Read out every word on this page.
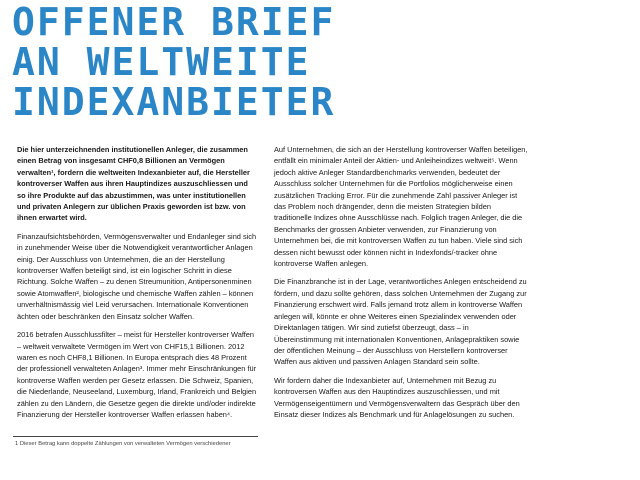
OFFENER BRIEF
AN WELTWEITE
INDEXANBIETER

Die hier unterzeichnenden institutionellen Anleger, die zusammen einen Betrag von insgesamt CHF0,8 Billionen an Vermögen verwalten¹, fordern die weltweiten Indexanbieter auf, die Hersteller kontroverser Waffen aus ihren Hauptindizes auszuschliessen und so ihre Produkte auf das abzustimmen, was unter institutionellen und privaten Anlegern zur üblichen Praxis geworden ist bzw. von ihnen erwartet wird.

Finanzaufsichtsbehörden, Vermögensverwalter und Endanleger sind sich in zunehmender Weise über die Notwendigkeit verantwortlicher Anlagen einig. Der Ausschluss von Unternehmen, die an der Herstellung kontroverser Waffen beteiligt sind, ist ein logischer Schritt in diese Richtung. Solche Waffen – zu denen Streumunition, Antipersonenminen sowie Atomwaffen², biologische und chemische Waffen zählen – können unverhältnismässig viel Leid verursachen. Internationale Konventionen ächten oder beschränken den Einsatz solcher Waffen.

2016 betrafen Ausschlussfilter – meist für Hersteller kontroverser Waffen – weltweit verwaltete Vermögen im Wert von CHF15,1 Billionen. 2012 waren es noch CHF8,1 Billionen. In Europa entsprach dies 48 Prozent der professionell verwalteten Anlagen³. Immer mehr Einschränkungen für kontroverse Waffen werden per Gesetz erlassen. Die Schweiz, Spanien, die Niederlande, Neuseeland, Luxemburg, Irland, Frankreich und Belgien zählen zu den Ländern, die Gesetze gegen die direkte und/oder indirekte Finanzierung der Hersteller kontroverser Waffen erlassen haben⁴.

Auf Unternehmen, die sich an der Herstellung kontroverser Waffen beteiligen, entfällt ein minimaler Anteil der Aktien- und Anleiheindizes weltweit⁵. Wenn jedoch aktive Anleger Standardbenchmarks verwenden, bedeutet der Ausschluss solcher Unternehmen für die Portfolios möglicherweise einen zusätzlichen Tracking Error. Für die zunehmende Zahl passiver Anleger ist das Problem noch drängender, denn die meisten Strategien bilden traditionelle Indizes ohne Ausschlüsse nach. Folglich tragen Anleger, die die Benchmarks der grossen Anbieter verwenden, zur Finanzierung von Unternehmen bei, die mit kontroversen Waffen zu tun haben. Viele sind sich dessen nicht bewusst oder können nicht in Indexfonds/-tracker ohne kontroverse Waffen anlegen.

Die Finanzbranche ist in der Lage, verantwortliches Anlegen entscheidend zu fördern, und dazu sollte gehören, dass solchen Unternehmen der Zugang zur Finanzierung erschwert wird. Falls jemand trotz allem in kontroverse Waffen anlegen will, könnte er ohne Weiteres einen Spezialindex verwenden oder Direktanlagen tätigen. Wir sind zutiefst überzeugt, dass – in Übereinstimmung mit internationalen Konventionen, Anlagepraktiken sowie der öffentlichen Meinung – der Ausschluss von Herstellern kontroverser Waffen aus aktiven und passiven Anlagen Standard sein sollte.

Wir fordern daher die Indexanbieter auf, Unternehmen mit Bezug zu kontroversen Waffen aus den Hauptindizes auszuschliessen, und mit Vermögenseigentümern und Vermögensverwaltern das Gespräch über den Einsatz dieser Indizes als Benchmark und für Anlagelösungen zu suchen.

1 Dieser Betrag kann doppelte Zählungen von verwalteten Vermögen verschiedener
